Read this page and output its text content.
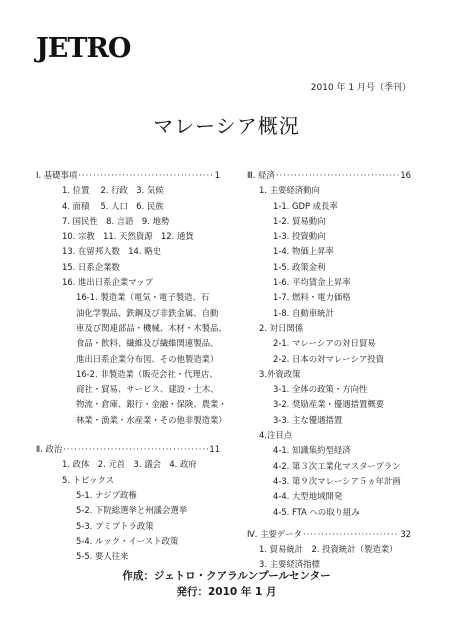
JETRO
2010 年 1 月号（季刊）
マレーシア概況
Ⅰ. 基礎事項 ·····	1
1. 位置　 2. 行政　3. 気候
4. 面積　 5. 人口　6. 民族
7. 国民性　8. 言語　9. 地勢
10. 宗教　11. 天然資源　12. 通貨
13. 在留邦人数　14. 略史
15. 日系企業数
16. 進出日系企業マップ
16-1. 製造業（電気・電子製造、石
油化学製品、鉄鋼及び非鉄金属、自動
車及び関連部品・機械、木材・木製品、
食品・飲料、繊維及び繊維関連製品、
進出日系企業分布図、その他製造業）
16-2. 非製造業（販売会社・代理店、
商社・貿易、サービス、建設・土木、
物流・倉庫、銀行・金融・保険、農業・
林業・漁業・水産業・その他非製造業）
Ⅱ. 政治 ·····	11
1. 政体　2. 元首　3. 議会　4. 政府
5. トピックス
5-1. ナジブ政権
5-2. 下院総選挙と州議会選挙
5-3. プミプトラ政策
5-4. ルック・イースト政策
5-5. 要人往来
Ⅲ. 経済 ·····	16
1. 主要経済動向
1-1. GDP 成長率
1-2. 貿易動向
1-3. 投資動向
1-4. 物価上昇率
1-5. 政策金利
1-6. 平均賃金上昇率
1-7. 燃料・電力価格
1-8. 自動車統計
2. 対日関係
2-1. マレーシアの対日貿易
2-2. 日本の対マレーシア投資
3.外資政策
3-1. 全体の政策・方向性
3-2. 奨励産業・優遇措置概要
3-3. 主な優遇措置
4.注目点
4-1. 知識集約型経済
4-2. 第３次工業化マスタープラン
4-3. 第９次マレーシア５ヵ年計画
4-4. 大型地域開発
4-5. FTA への取り組み
Ⅳ. 主要データ ·····	32
1. 貿易統計　2. 投資統計（製造業）
3. 主要経済指標
作成：ジェトロ・クアラルンプールセンター
発行：2010 年 1 月
